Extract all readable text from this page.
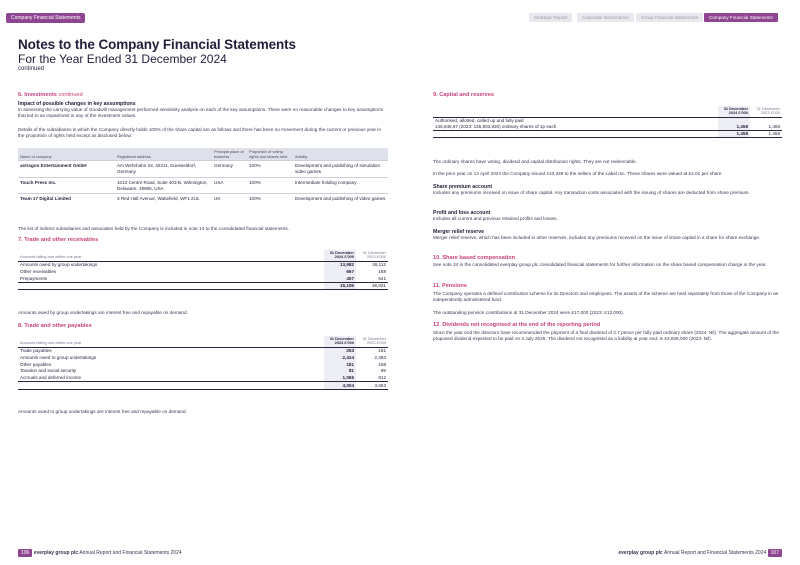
Company Financial Statements	Strategic Report	Corporate Governance	Group Financial Statements	Company Financial Statements
Notes to the Company Financial Statements
For the Year Ended 31 December 2024
continued
6. Investments continued
Impact of possible changes in key assumptions
In assessing the carrying value of Goodwill management performed sensitivity analysis on each of the key assumptions. There were no reasonable changes to key assumptions that led to an impairment in any of the investment values.
Details of the subsidiaries in which the Company directly holds 100% of the share capital are as follows and there has been no movement during the current or previous year in the proportion of rights held except as disclosed below:
Name of company	Registered address	Principal place of business	Proportion of voting rights and shares held	Activity
astragon Entertainment GmbH	Am Wehrhahn 33, 40211, Duesseldorf, Germany	Germany	100%	Development and publishing of simulation video games
Touch Press Inc.	1013 Centre Road, Suite 403-B, Wilmington, Delaware, 19805, USA	USA	100%	Intermediate holding company
Team 17 Digital Limited	3 Red Hall Avenue, Wakefield, WF1 2UL	UK	100%	Development and publishing of video games
The list of indirect subsidiaries and associates held by the Company is included in note 13 to the consolidated financial statements.
7. Trade and other receivables
Amounts falling due within one year	31 December 2024 £'000	31 December 2023 £'000
Amounts owed by group undertakings	13,982	36,112
Other receivables	667	168
Prepayments	457	541
	15,106	36,821
Amounts owed by group undertakings are interest free and repayable on demand.
8. Trade and other payables
Amounts falling due within one year	31 December 2024 £'000	31 December 2023 £'000
Trade payables	253	191
Amounts owed to group undertakings	2,424	2,383
Other payables	181	188
Taxation and social security	81	89
Accruals and deferred income	1,065	812
	4,004	3,663
Amounts owed to group undertakings are interest free and repayable on demand.
9. Capital and reserves
	31 December 2024 £'000	31 December 2023 £'000
Authorised, allotted, called up and fully paid
145,846,67 (2023: 145,803,820) ordinary shares of 1p each	1,458	1,458
	1,458	1,458
The ordinary shares have voting, dividend and capital distribution rights. They are not redeemable.
In the prior year on 13 April 2023 the Company issued 210,349 to the sellers of the Label Inc. These shares were valued at £4.01 per share.
Share premium account
Includes any premiums received on issue of share capital. Any transaction costs associated with the issuing of shares are deducted from share premium.
Profit and loss account
Includes all current and previous retained profits and losses.
Merger relief reserve
Merger relief reserve, which has been included in other reserves, includes any premiums received on the issue of share capital in a share for share exchange.
10. Share based compensation
See note 24 in the consolidated everplay group plc consolidated financial statements for further information on the share based compensation charge in the year.
11. Pensions
The Company operates a defined contribution scheme for its Directors and employees. The assets of the scheme are held separately from those of the Company in an independently administered fund.
The outstanding pension contributions at 31 December 2024 were £17,000 (2023: £13,000).
12. Dividends not recognised at the end of the reporting period
Since the year end the directors have recommended the payment of a final dividend of 2.7 pence per fully paid ordinary share (2024: Nil). The aggregate amount of the proposed dividend expected to be paid on 4 July 2025. The dividend not recognised as a liability at year end, is £3,928,000 (2023: Nil).
106 everplay group plc Annual Report and Financial Statements 2024	everplay group plc Annual Report and Financial Statements 2024 107
